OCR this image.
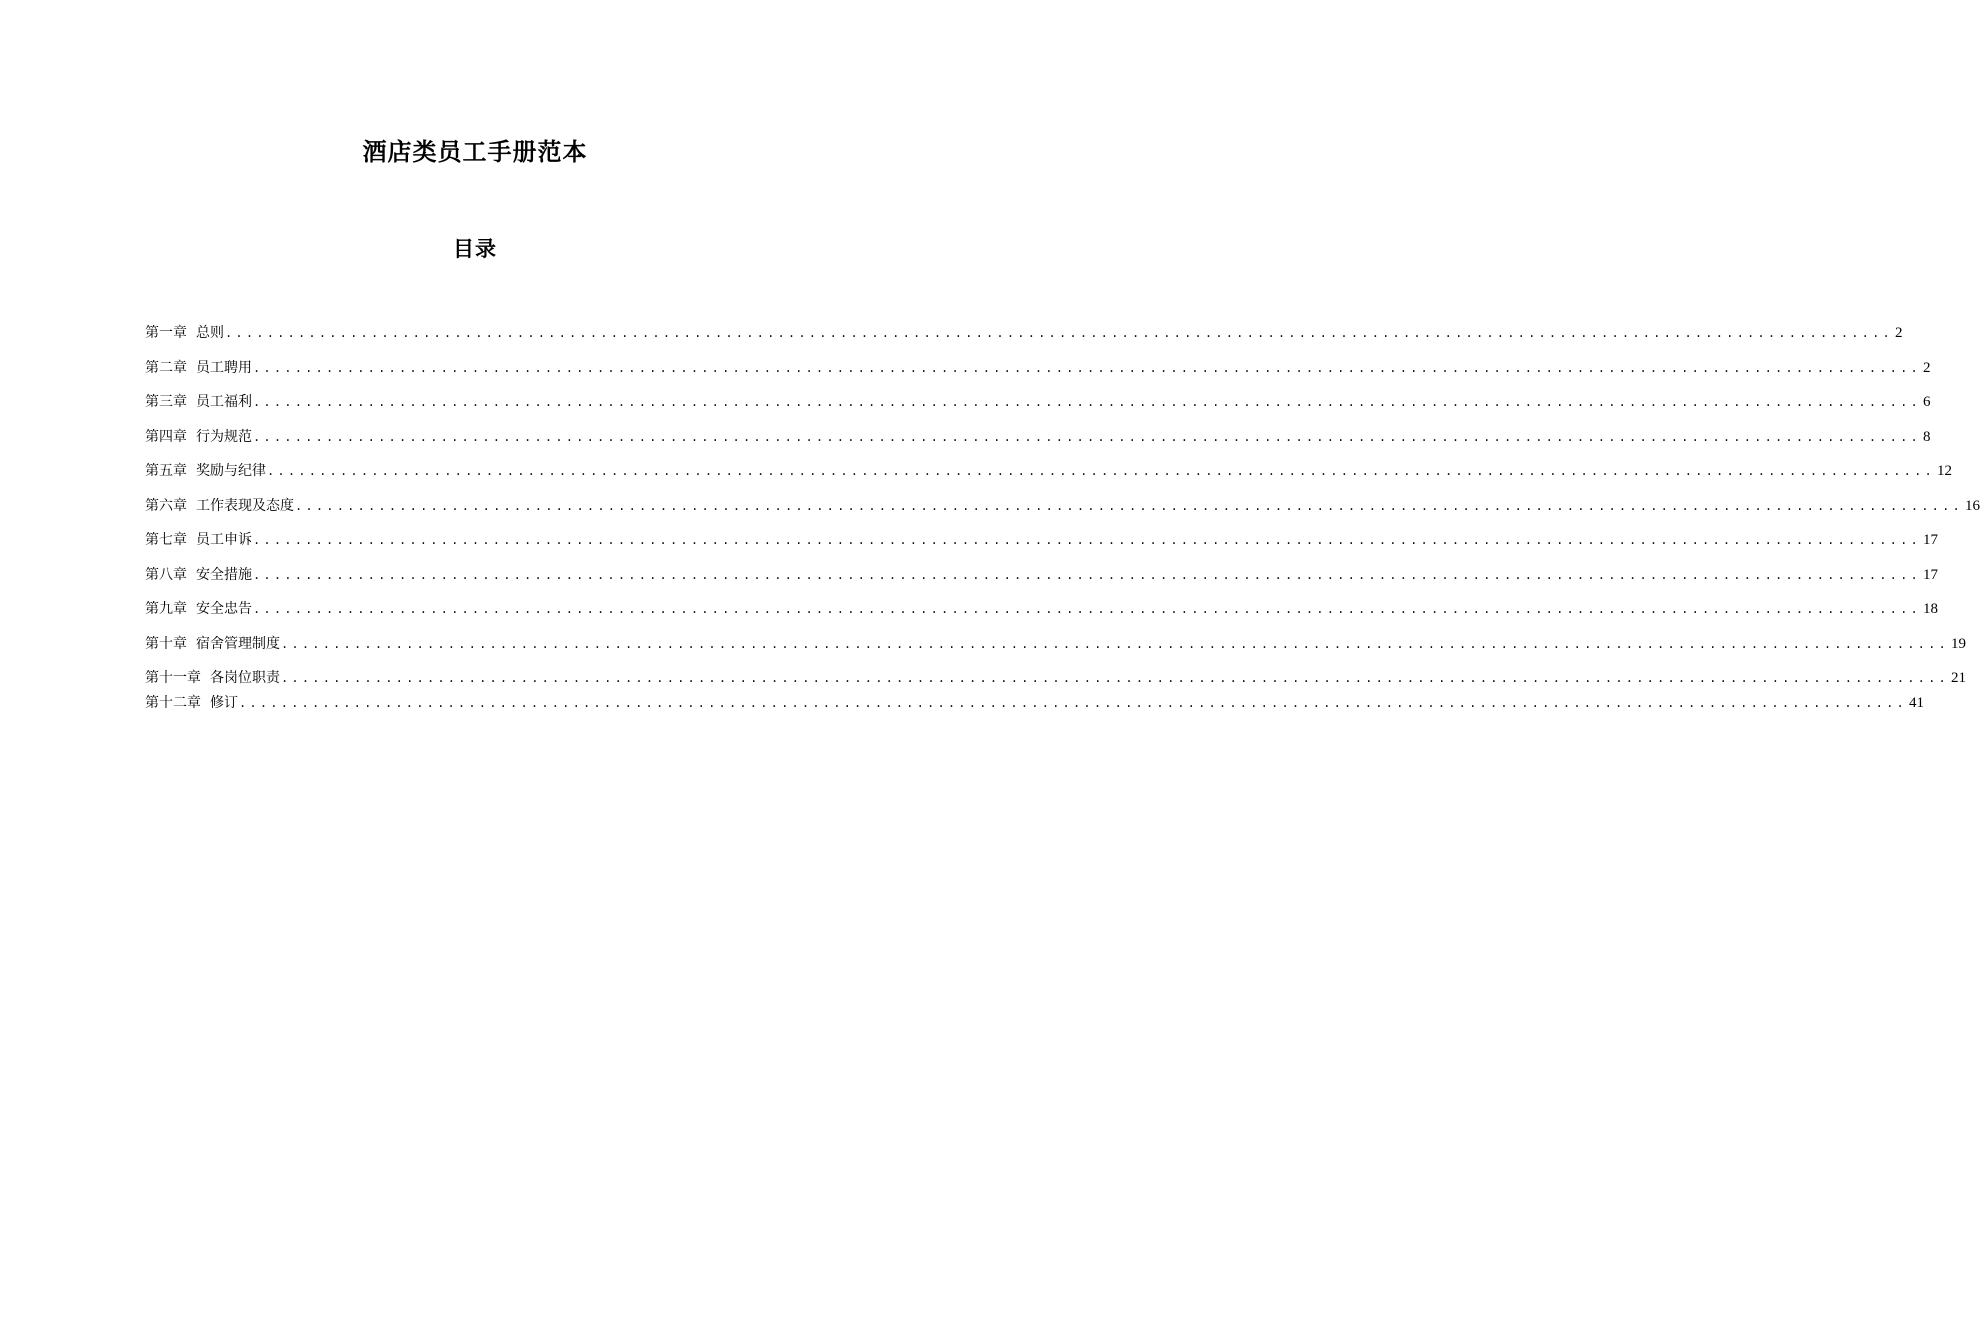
酒店类员工手册范本
目录
第一章 总则 ................................................................................................................................................................ 2
第二章 员工聘用 ................................................................................................................................................................ 2
第三章 员工福利 ................................................................................................................................................................ 6
第四章 行为规范 ................................................................................................................................................................ 8
第五章 奖励与纪律 ................................................................................................................................................................ 12
第六章 工作表现及态度 ................................................................................................................................................................ 16
第七章 员工申诉 ................................................................................................................................................................ 17
第八章 安全措施 ................................................................................................................................................................ 17
第九章 安全忠告 ................................................................................................................................................................ 18
第十章 宿舍管理制度 ................................................................................................................................................................ 19
第十一章 各岗位职责 ................................................................................................................................................................ 21
第十二章 修订 ................................................................................................................................................................ 41
